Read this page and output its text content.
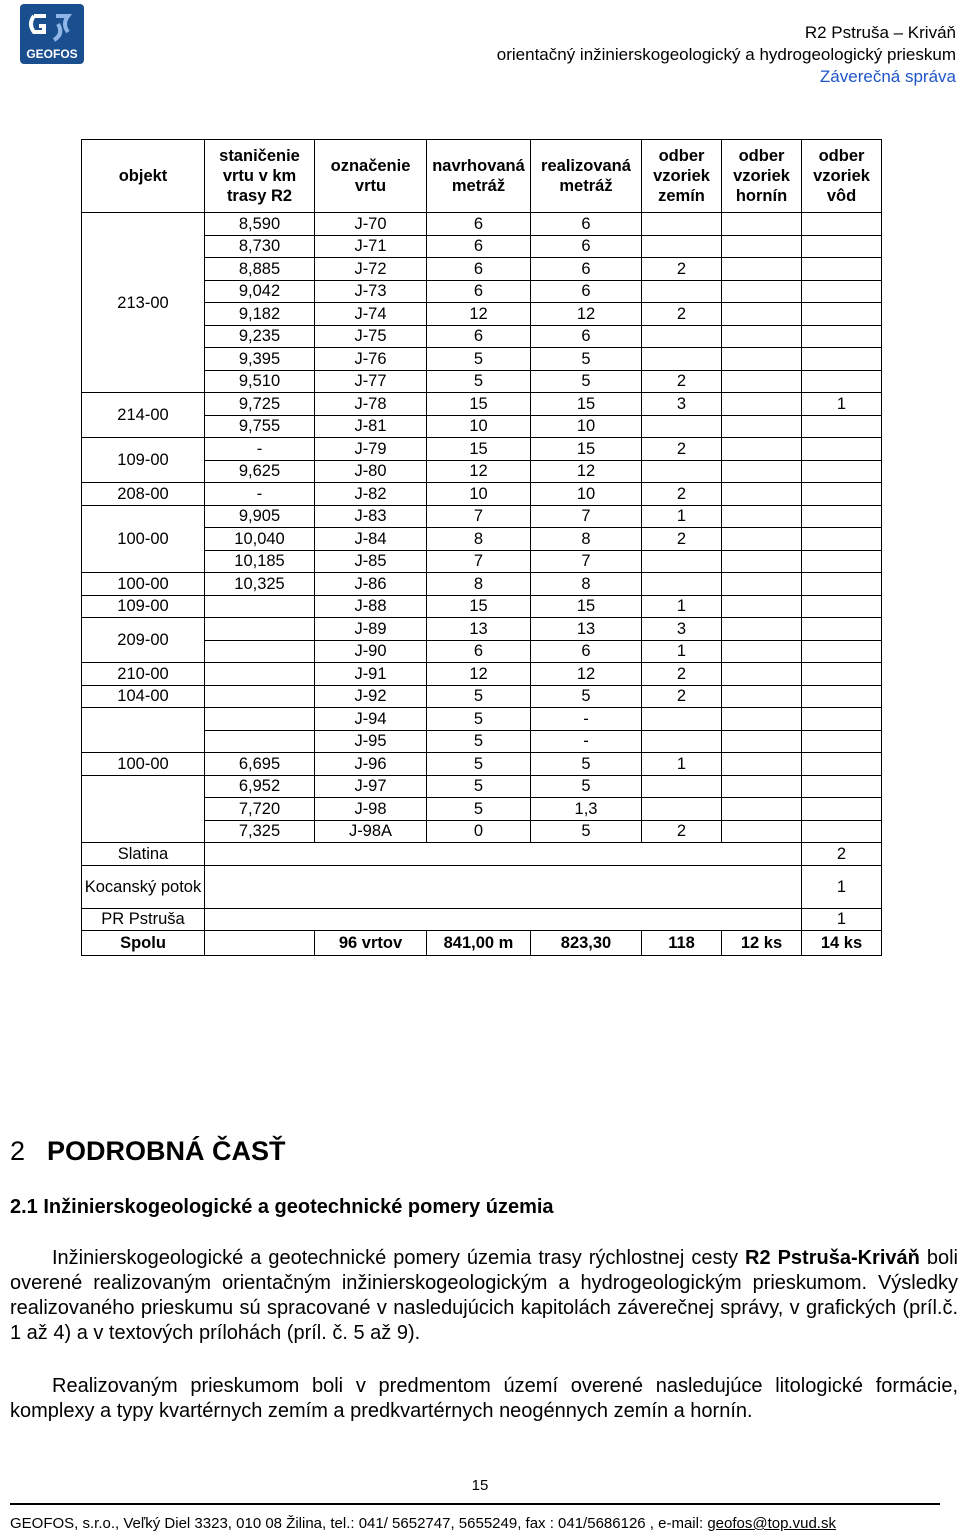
GEOFOS
R2 Pstruša – Kriváň
orientačný inžinierskogeologický a hydrogeologický prieskum
Záverečná správa
objekt	staničenie vrtu v km trasy R2	označenie vrtu	navrhovaná metráž	realizovaná metráž	odber vzoriek zemín	odber vzoriek hornín	odber vzoriek vôd
213-00	8,590	J-70	6	6			
	8,730	J-71	6	6			
	8,885	J-72	6	6	2		
	9,042	J-73	6	6			
	9,182	J-74	12	12	2		
	9,235	J-75	6	6			
	9,395	J-76	5	5			
	9,510	J-77	5	5	2		
214-00	9,725	J-78	15	15	3		1
	9,755	J-81	10	10			
109-00	-	J-79	15	15	2		
	9,625	J-80	12	12			
208-00	-	J-82	10	10	2		
100-00	9,905	J-83	7	7	1		
	10,040	J-84	8	8	2		
	10,185	J-85	7	7			
100-00	10,325	J-86	8	8			
109-00		J-88	15	15	1		
209-00		J-89	13	13	3		
		J-90	6	6	1		
210-00		J-91	12	12	2		
104-00		J-92	5	5	2		
		J-94	5	-			
		J-95	5	-			
100-00	6,695	J-96	5	5	1		
	6,952	J-97	5	5			
	7,720	J-98	5	1,3			
	7,325	J-98A	0	5	2		
Slatina							2
Kocanský potok							1
PR Pstruša							1
Spolu		96 vrtov	841,00 m	823,30	118	12 ks	14 ks
2 PODROBNÁ ČASŤ
2.1 Inžinierskogeologické a geotechnické pomery územia
Inžinierskogeologické a geotechnické pomery územia trasy rýchlostnej cesty R2 Pstruša-Kriváň boli overené realizovaným orientačným inžinierskogeologickým a hydrogeologickým prieskumom. Výsledky realizovaného prieskumu sú spracované v nasledujúcich kapitolách záverečnej správy, v grafických (príl.č. 1 až 4) a v textových prílohách (príl. č. 5 až 9).
Realizovaným prieskumom boli v predmentom území overené nasledujúce litologické formácie, komplexy a typy kvartérnych zemím a predkvartérnych neogénnych zemín a hornín.
15
GEOFOS, s.r.o., Veľký Diel 3323, 010 08 Žilina, tel.: 041/ 5652747, 5655249, fax : 041/5686126 , e-mail: geofos@top.vud.sk
